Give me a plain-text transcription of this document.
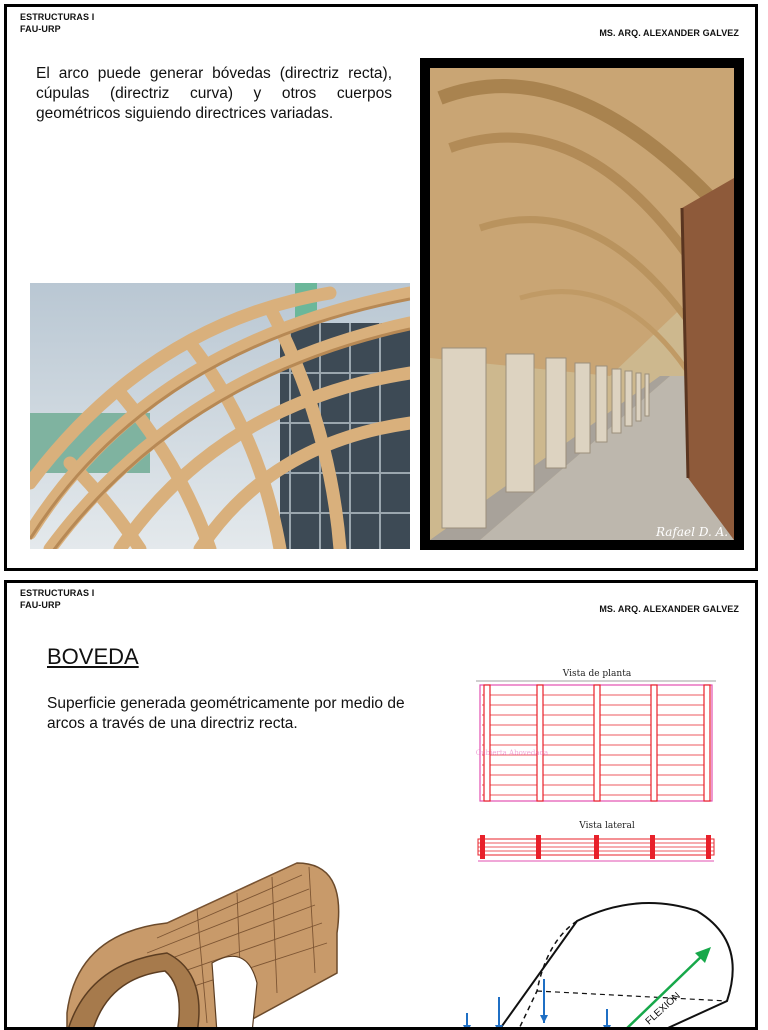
ESTRUCTURAS I
FAU-URP	MS. ARQ. ALEXANDER GALVEZ
El arco puede generar bóvedas (directriz recta), cúpulas (directriz curva) y otros cuerpos geométricos siguiendo directrices variadas.
Rafael D. A.
ESTRUCTURAS I
FAU-URP	MS. ARQ. ALEXANDER GALVEZ
BOVEDA
Superficie generada geométricamente por medio de arcos a través de una directriz recta.
Vista de planta
Cubierta Abovedada
Vista lateral
FLEXION
